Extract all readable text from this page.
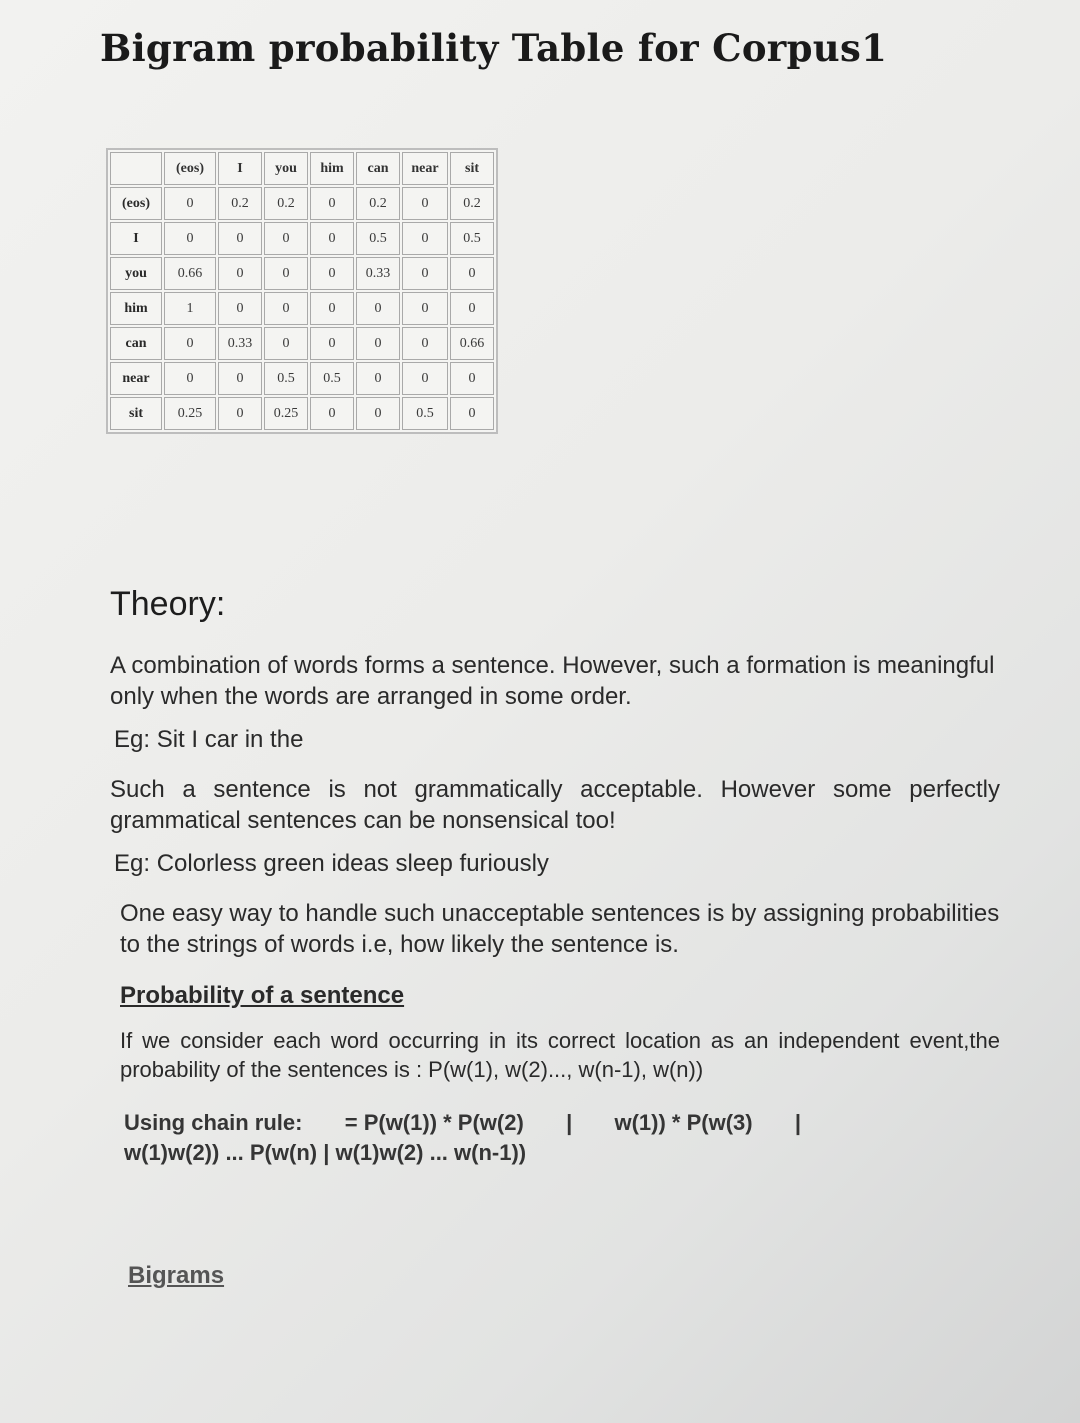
Bigram probability Table for Corpus1
	(eos)	I	you	him	can	near	sit
(eos)	0	0.2	0.2	0	0.2	0	0.2
I	0	0	0	0	0.5	0	0.5
you	0.66	0	0	0	0.33	0	0
him	1	0	0	0	0	0	0
can	0	0.33	0	0	0	0	0.66
near	0	0	0.5	0.5	0	0	0
sit	0.25	0	0.25	0	0	0.5	0
Theory:

A combination of words forms a sentence. However, such a formation is meaningful only when the words are arranged in some order.

Eg: Sit I car in the

Such a sentence is not grammatically acceptable. However some perfectly grammatical sentences can be nonsensical too!

Eg: Colorless green ideas sleep furiously

One easy way to handle such unacceptable sentences is by assigning probabilities to the strings of words i.e, how likely the sentence is.

Probability of a sentence

If we consider each word occurring in its correct location as an independent event,the probability of the sentences is : P(w(1), w(2)..., w(n-1), w(n))

Using chain rule: = P(w(1)) * P(w(2) | w(1)) * P(w(3) |
w(1)w(2)) ... P(w(n) | w(1)w(2) ... w(n-1))
Bigrams
